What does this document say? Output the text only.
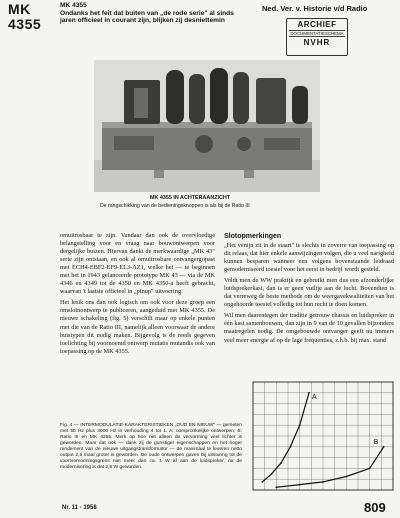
MK
4355
MK 4355
Ondanks het feit dat buiten van „de rode serie" al sinds jaren officieel in courant zijn, blijken zij desniettemin
Ned. Ver. v. Historie v/d Radio
ARCHIEF
DOCUMENTATIESCHEMA
NVHR
MK 4355 IN ACHTERAANZICHT
De rangschikking van de bedieningsknoppen is als bij de Ratio III

omuitrosbaar te zijn. Vandaar dan ook de overvloedige belangstelling voor en vraag naar bouwontwerpen voor dergelijke buizen. Hiervan dankt de merkwaardige „MK 43" serie zijn ontstaan, en ook al omuitrosbare ontvangergopast met ECH4-EBF2-EF9-EL3-AZ1, welke het — te beginnen met het in 1943 gelanceerde prototype MK 43 — via de MK 4346 en 4349 tot de 4350 en MK 4350-a heeft gebracht, waarvan 't laatste officieel in „pinup" uitvoering.

Het lesik ons dan ook logisch om ook voor deze groep een omslotnontwerp te publiceren, aangeduid met MK 4355. De nieuwe schakeling (fig. 5) verschilt maar op enkele punten met die van de Ratio III, namelijk alleen voorwaar de andere buistypen dit nodig maken. Bijgevolg is de reeds gegeven toelichting bij voornoemd ontwerp mutatis mutandis ook van toepassing op de MK 4355.

Slotopmerkingen

„Het venijn zit in de staart" is slechts in zoverre van toepassing op dit relaas, dat hier enkele aanwijzingen volgen, die u veel narigheid kunnen besparen wanneer een volgens bovenstaande leidraad gemoderniseerd toestel voor het eerst in bedrijf wordt gesteld.

Voldt men de WW praktijk en gebruikt men dus een afzonderlijke luidsprekerkast, dan is er geen vuiltje aan de lucht. Bovendien is dat verreweg de beste methode om de weergavekwaliteiten van het ongehoorde toestel volledig tot hun recht te doen komen.

Wil men daarentegen der traditie getrouw chassis en luidspreker in één kast samenbouwen, dan zijn in 9 van de 10 gevallen bijzondere maatregelen nodig. De omgebouwde ontvanger geeft nu immers veel meer energie af op de lage frequenties, z.h.b. bij max. stand

Fig. 4 — INTERMODULATIE-KARAKTERISTIEKEN „OUD EN NIEUW" — gemeten met 50 Hz plus 3000 Hz in verhouding 4 tot 1. A: oorspronkelijke ontwerpen; B: Ratio III en MK 4355. Merk op hoe riet alleen de vervorming veel lichter is geworden. Maar dat ook — dank zij de gunstiger eigenschappen en het hoger rendement van de nieuwe uitgangstransformator — de maximaal te leveren netto output 2,5 maal groter is geworden. De oude ontwerpen gaven bij uitsturing tot de voortvervormingsgrens niet meer dan ca. 1 W af aan de luidspreker, na de modernisering is dat 2,5 W geworden.
A
B
Nr. 11 - 1958	809
